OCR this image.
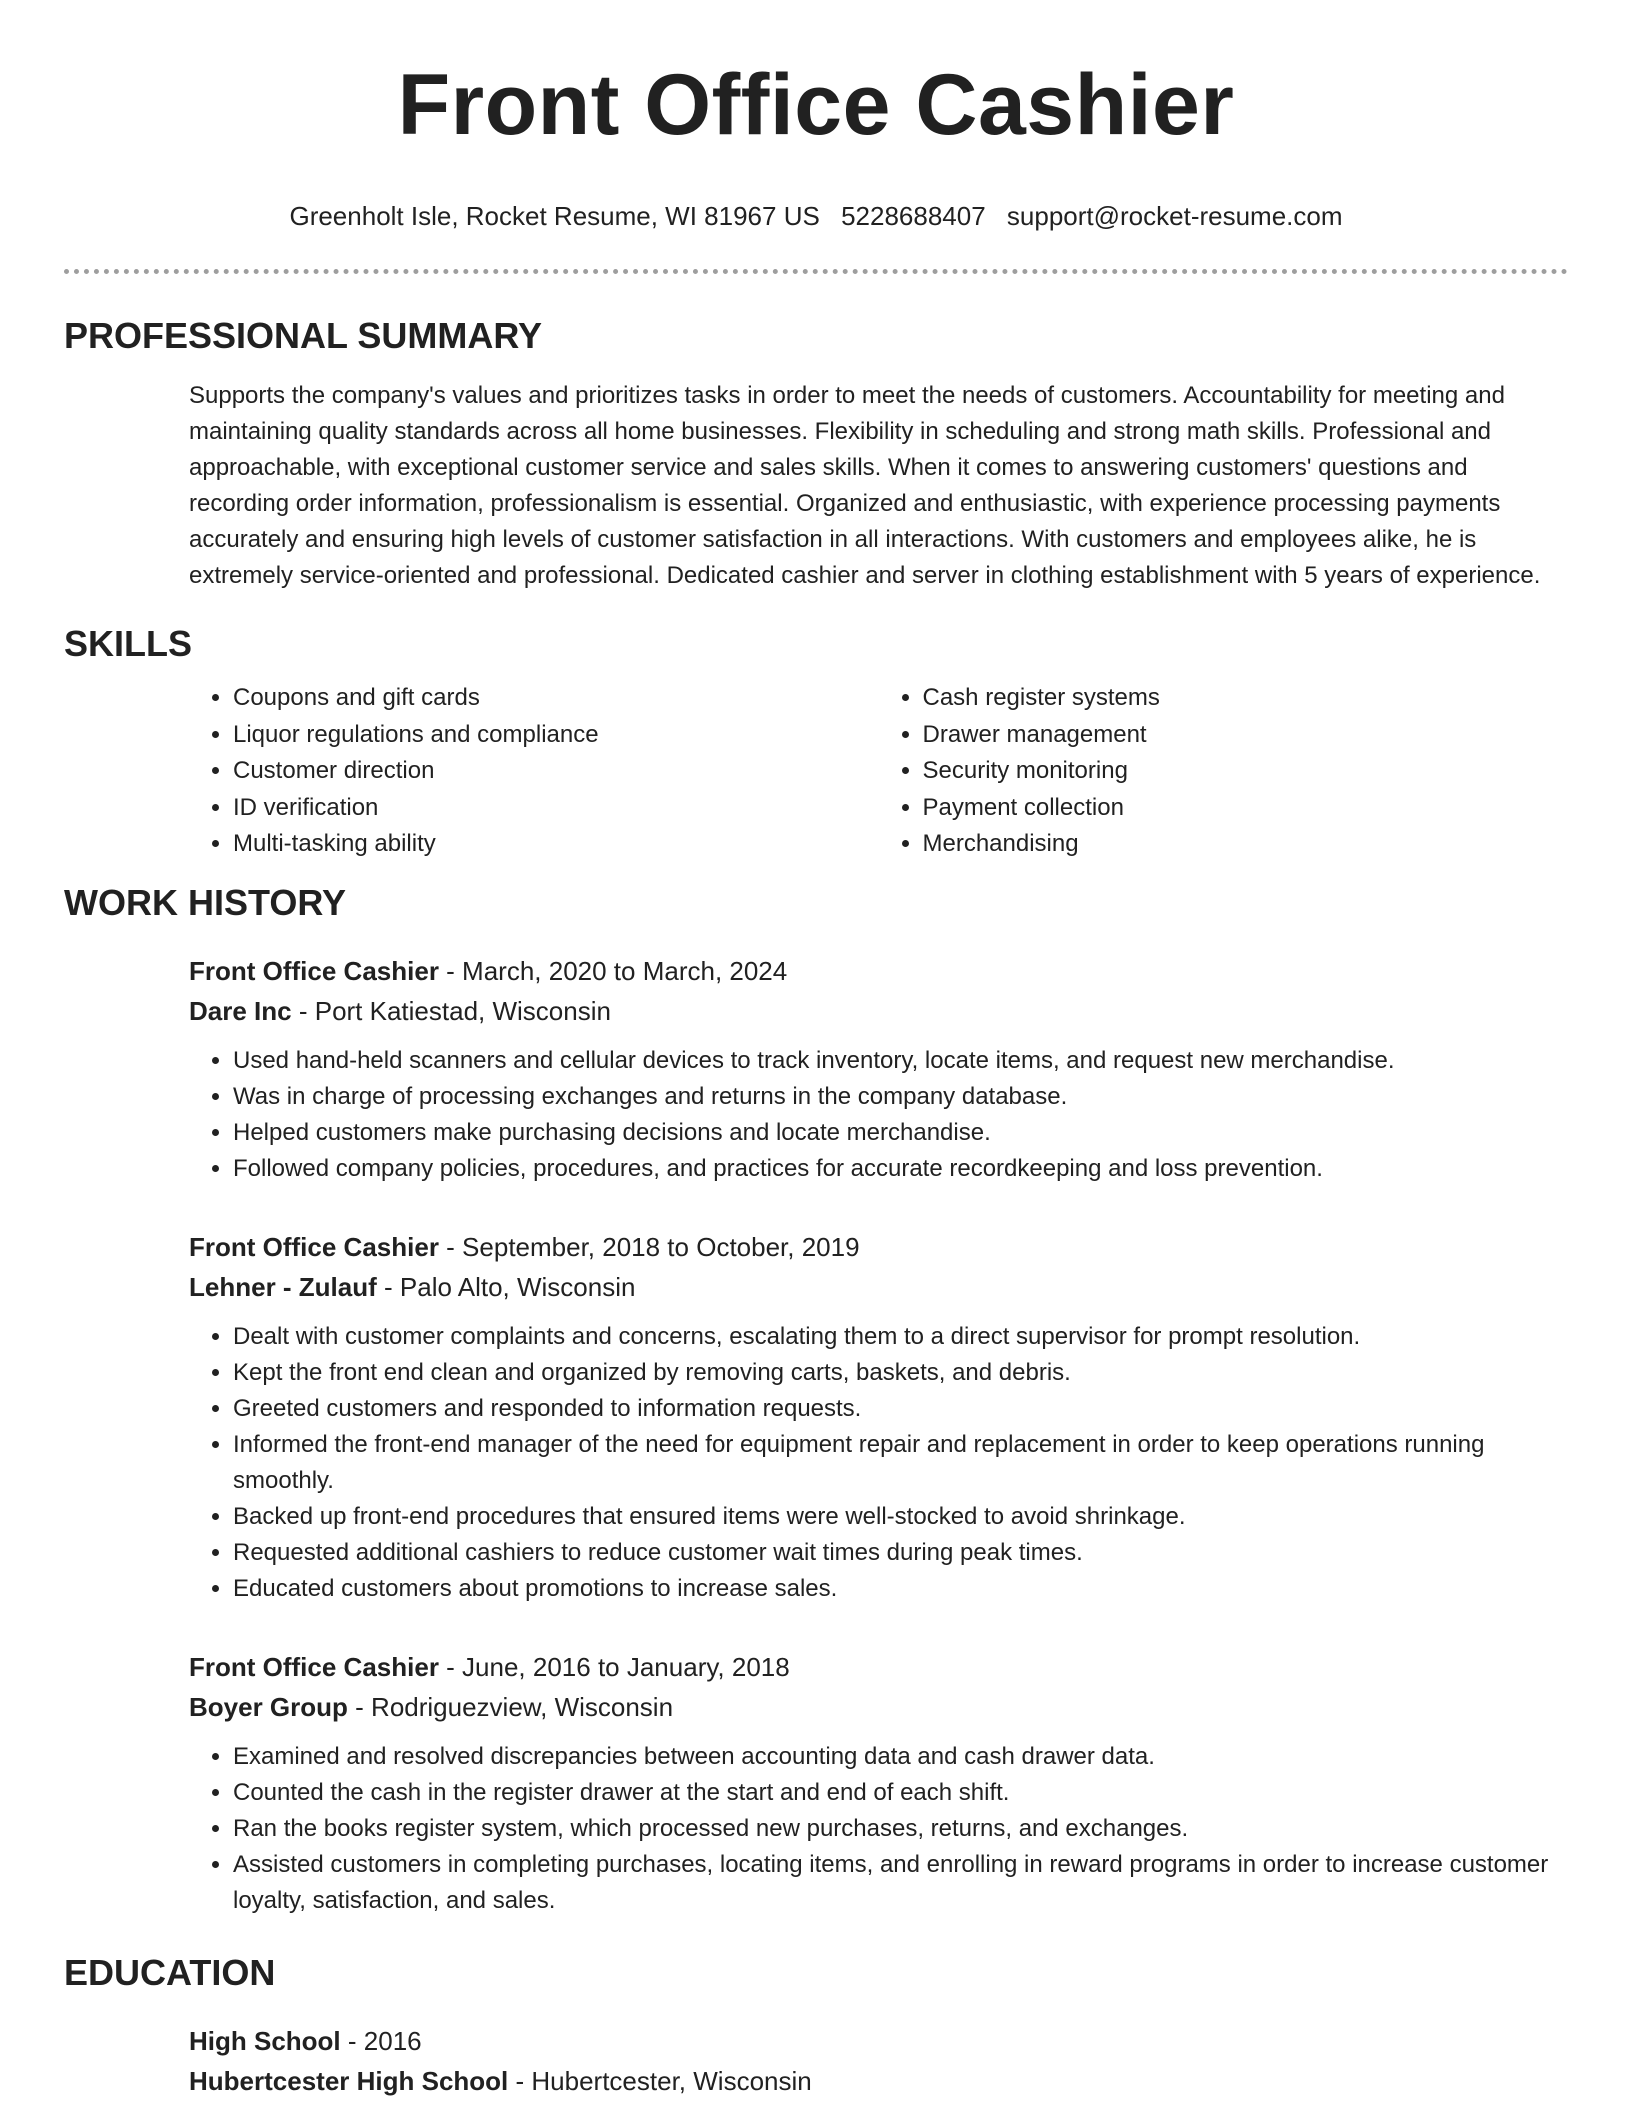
Front Office Cashier
Greenholt Isle, Rocket Resume, WI 81967 US 5228688407 support@rocket-resume.com
PROFESSIONAL SUMMARY

Supports the company's values and prioritizes tasks in order to meet the needs of customers. Accountability for meeting and maintaining quality standards across all home businesses. Flexibility in scheduling and strong math skills. Professional and approachable, with exceptional customer service and sales skills. When it comes to answering customers' questions and recording order information, professionalism is essential. Organized and enthusiastic, with experience processing payments accurately and ensuring high levels of customer satisfaction in all interactions. With customers and employees alike, he is extremely service-oriented and professional. Dedicated cashier and server in clothing establishment with 5 years of experience.

SKILLS
• Coupons and gift cards
• Liquor regulations and compliance
• Customer direction
• ID verification
• Multi-tasking ability
• Cash register systems
• Drawer management
• Security monitoring
• Payment collection
• Merchandising
WORK HISTORY
Front Office Cashier - March, 2020 to March, 2024
Dare Inc - Port Katiestad, Wisconsin
• Used hand-held scanners and cellular devices to track inventory, locate items, and request new merchandise.
• Was in charge of processing exchanges and returns in the company database.
• Helped customers make purchasing decisions and locate merchandise.
• Followed company policies, procedures, and practices for accurate recordkeeping and loss prevention.
Front Office Cashier - September, 2018 to October, 2019
Lehner - Zulauf - Palo Alto, Wisconsin
• Dealt with customer complaints and concerns, escalating them to a direct supervisor for prompt resolution.
• Kept the front end clean and organized by removing carts, baskets, and debris.
• Greeted customers and responded to information requests.
• Informed the front-end manager of the need for equipment repair and replacement in order to keep operations running smoothly.
• Backed up front-end procedures that ensured items were well-stocked to avoid shrinkage.
• Requested additional cashiers to reduce customer wait times during peak times.
• Educated customers about promotions to increase sales.
Front Office Cashier - June, 2016 to January, 2018
Boyer Group - Rodriguezview, Wisconsin
• Examined and resolved discrepancies between accounting data and cash drawer data.
• Counted the cash in the register drawer at the start and end of each shift.
• Ran the books register system, which processed new purchases, returns, and exchanges.
• Assisted customers in completing purchases, locating items, and enrolling in reward programs in order to increase customer loyalty, satisfaction, and sales.
EDUCATION
High School - 2016
Hubertcester High School - Hubertcester, Wisconsin
